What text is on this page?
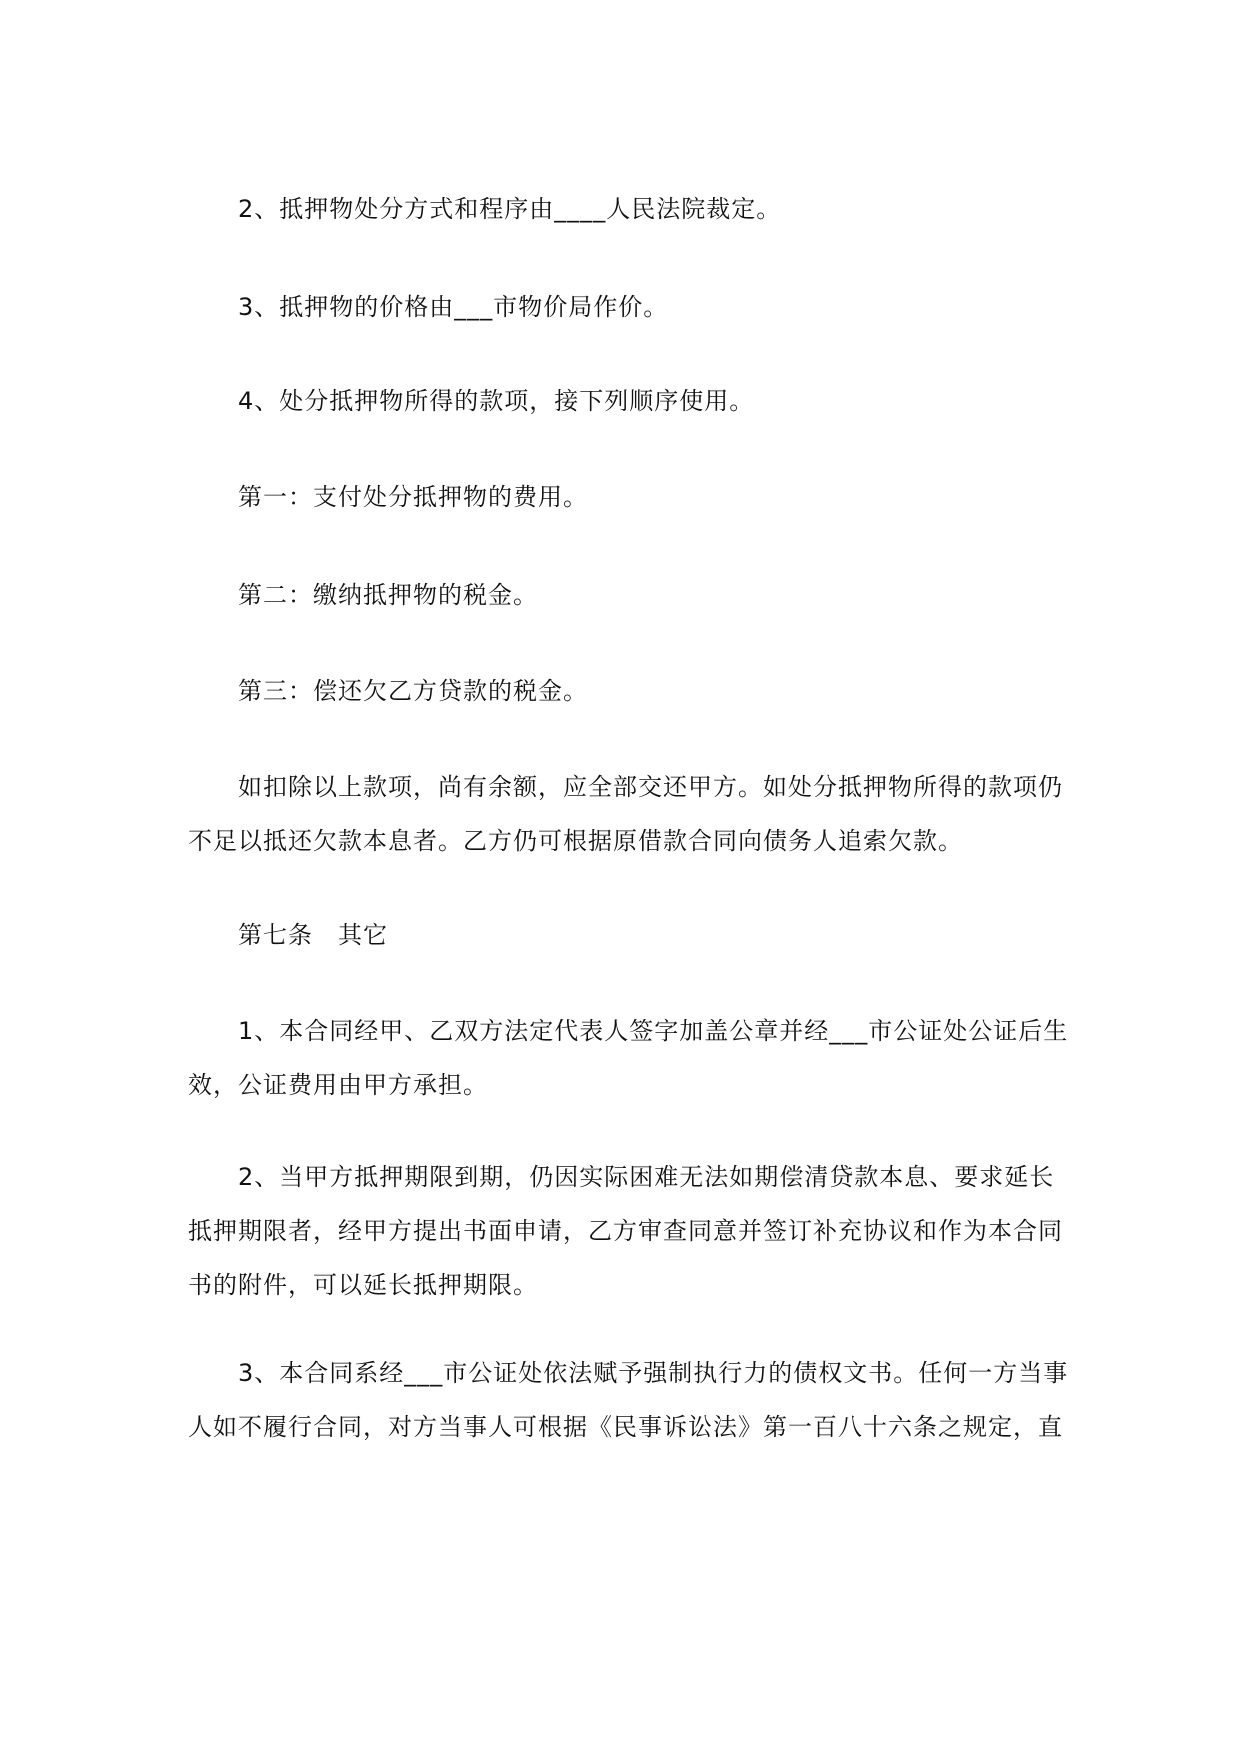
2、抵押物处分方式和程序由____人民法院裁定。
3、抵押物的价格由___市物价局作价。
4、处分抵押物所得的款项，接下列顺序使用。
第一：支付处分抵押物的费用。
第二：缴纳抵押物的税金。
第三：偿还欠乙方贷款的税金。
如扣除以上款项，尚有余额，应全部交还甲方。如处分抵押物所得的款项仍
不足以抵还欠款本息者。乙方仍可根据原借款合同向债务人追索欠款。
第七条　其它
1、本合同经甲、乙双方法定代表人签字加盖公章并经___市公证处公证后生
效，公证费用由甲方承担。
2、当甲方抵押期限到期，仍因实际困难无法如期偿清贷款本息、要求延长
抵押期限者，经甲方提出书面申请，乙方审查同意并签订补充协议和作为本合同
书的附件，可以延长抵押期限。
3、本合同系经___市公证处依法赋予强制执行力的债权文书。任何一方当事
人如不履行合同，对方当事人可根据《民事诉讼法》第一百八十六条之规定，直
